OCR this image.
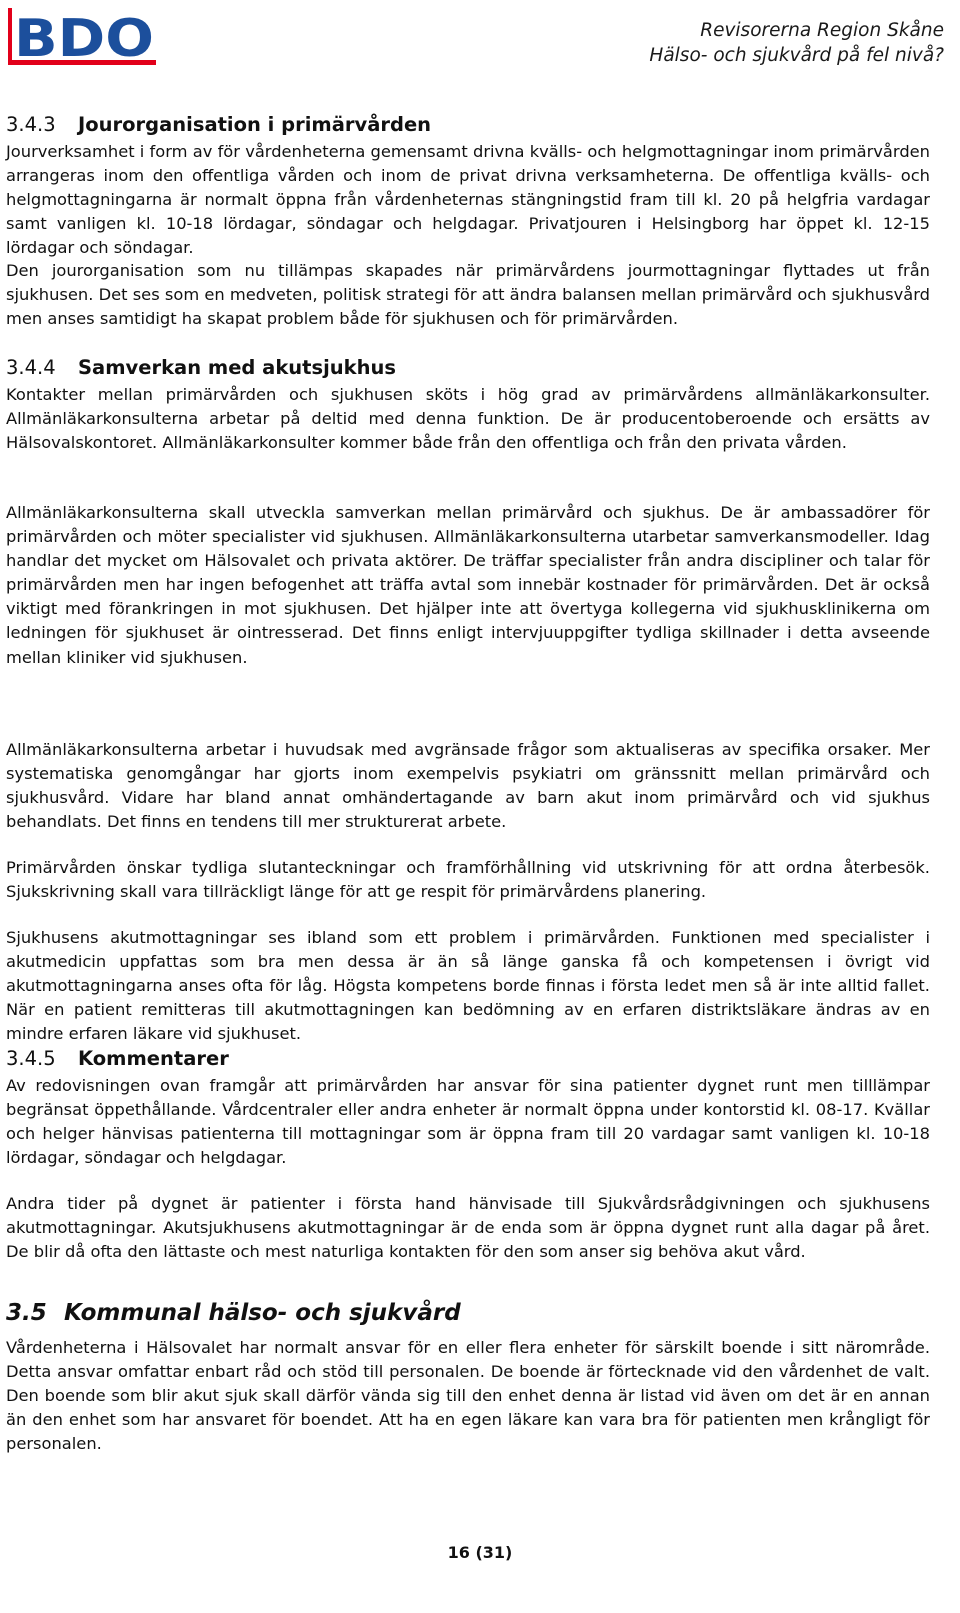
BDO	Revisorerna Region Skåne
Hälso- och sjukvård på fel nivå?
3.4.3 Jourorganisation i primärvården

Jourverksamhet i form av för vårdenheterna gemensamt drivna kvälls- och helgmottagningar inom primärvården arrangeras inom den offentliga vården och inom de privat drivna verksamheterna. De offentliga kvälls- och helgmottagningarna är normalt öppna från vårdenheternas stängningstid fram till kl. 20 på helgfria vardagar samt vanligen kl. 10-18 lördagar, söndagar och helgdagar. Privatjouren i Helsingborg har öppet kl. 12-15 lördagar och söndagar.

Den jourorganisation som nu tillämpas skapades när primärvårdens jourmottagningar flyttades ut från sjukhusen. Det ses som en medveten, politisk strategi för att ändra balansen mellan primärvård och sjukhusvård men anses samtidigt ha skapat problem både för sjukhusen och för primärvården.

3.4.4 Samverkan med akutsjukhus

Kontakter mellan primärvården och sjukhusen sköts i hög grad av primärvårdens allmänläkarkonsulter. Allmänläkarkonsulterna arbetar på deltid med denna funktion. De är producentoberoende och ersätts av Hälsovalskontoret. Allmänläkarkonsulter kommer både från den offentliga och från den privata vården.

Allmänläkarkonsulterna skall utveckla samverkan mellan primärvård och sjukhus. De är ambassadörer för primärvården och möter specialister vid sjukhusen. Allmänläkarkonsulterna utarbetar samverkansmodeller. Idag handlar det mycket om Hälsovalet och privata aktörer. De träffar specialister från andra discipliner och talar för primärvården men har ingen befogenhet att träffa avtal som innebär kostnader för primärvården. Det är också viktigt med förankringen in mot sjukhusen. Det hjälper inte att övertyga kollegerna vid sjukhusklinikerna om ledningen för sjukhuset är ointresserad. Det finns enligt intervjuuppgifter tydliga skillnader i detta avseende mellan kliniker vid sjukhusen.

Allmänläkarkonsulterna arbetar i huvudsak med avgränsade frågor som aktualiseras av specifika orsaker. Mer systematiska genomgångar har gjorts inom exempelvis psykiatri om gränssnitt mellan primärvård och sjukhusvård. Vidare har bland annat omhändertagande av barn akut inom primärvård och vid sjukhus behandlats. Det finns en tendens till mer strukturerat arbete.

Primärvården önskar tydliga slutanteckningar och framförhållning vid utskrivning för att ordna återbesök. Sjukskrivning skall vara tillräckligt länge för att ge respit för primärvårdens planering.

Sjukhusens akutmottagningar ses ibland som ett problem i primärvården. Funktionen med specialister i akutmedicin uppfattas som bra men dessa är än så länge ganska få och kompetensen i övrigt vid akutmottagningarna anses ofta för låg. Högsta kompetens borde finnas i första ledet men så är inte alltid fallet. När en patient remitteras till akutmottagningen kan bedömning av en erfaren distriktsläkare ändras av en mindre erfaren läkare vid sjukhuset.

3.4.5 Kommentarer

Av redovisningen ovan framgår att primärvården har ansvar för sina patienter dygnet runt men tilllämpar begränsat öppethållande. Vårdcentraler eller andra enheter är normalt öppna under kontorstid kl. 08-17. Kvällar och helger hänvisas patienterna till mottagningar som är öppna fram till 20 vardagar samt vanligen kl. 10-18 lördagar, söndagar och helgdagar.

Andra tider på dygnet är patienter i första hand hänvisade till Sjukvårdsrådgivningen och sjukhusens akutmottagningar. Akutsjukhusens akutmottagningar är de enda som är öppna dygnet runt alla dagar på året. De blir då ofta den lättaste och mest naturliga kontakten för den som anser sig behöva akut vård.

3.5 Kommunal hälso- och sjukvård

Vårdenheterna i Hälsovalet har normalt ansvar för en eller flera enheter för särskilt boende i sitt närområde. Detta ansvar omfattar enbart råd och stöd till personalen. De boende är förtecknade vid den vårdenhet de valt. Den boende som blir akut sjuk skall därför vända sig till den enhet denna är listad vid även om det är en annan än den enhet som har ansvaret för boendet. Att ha en egen läkare kan vara bra för patienten men krångligt för personalen.

16 (31)
